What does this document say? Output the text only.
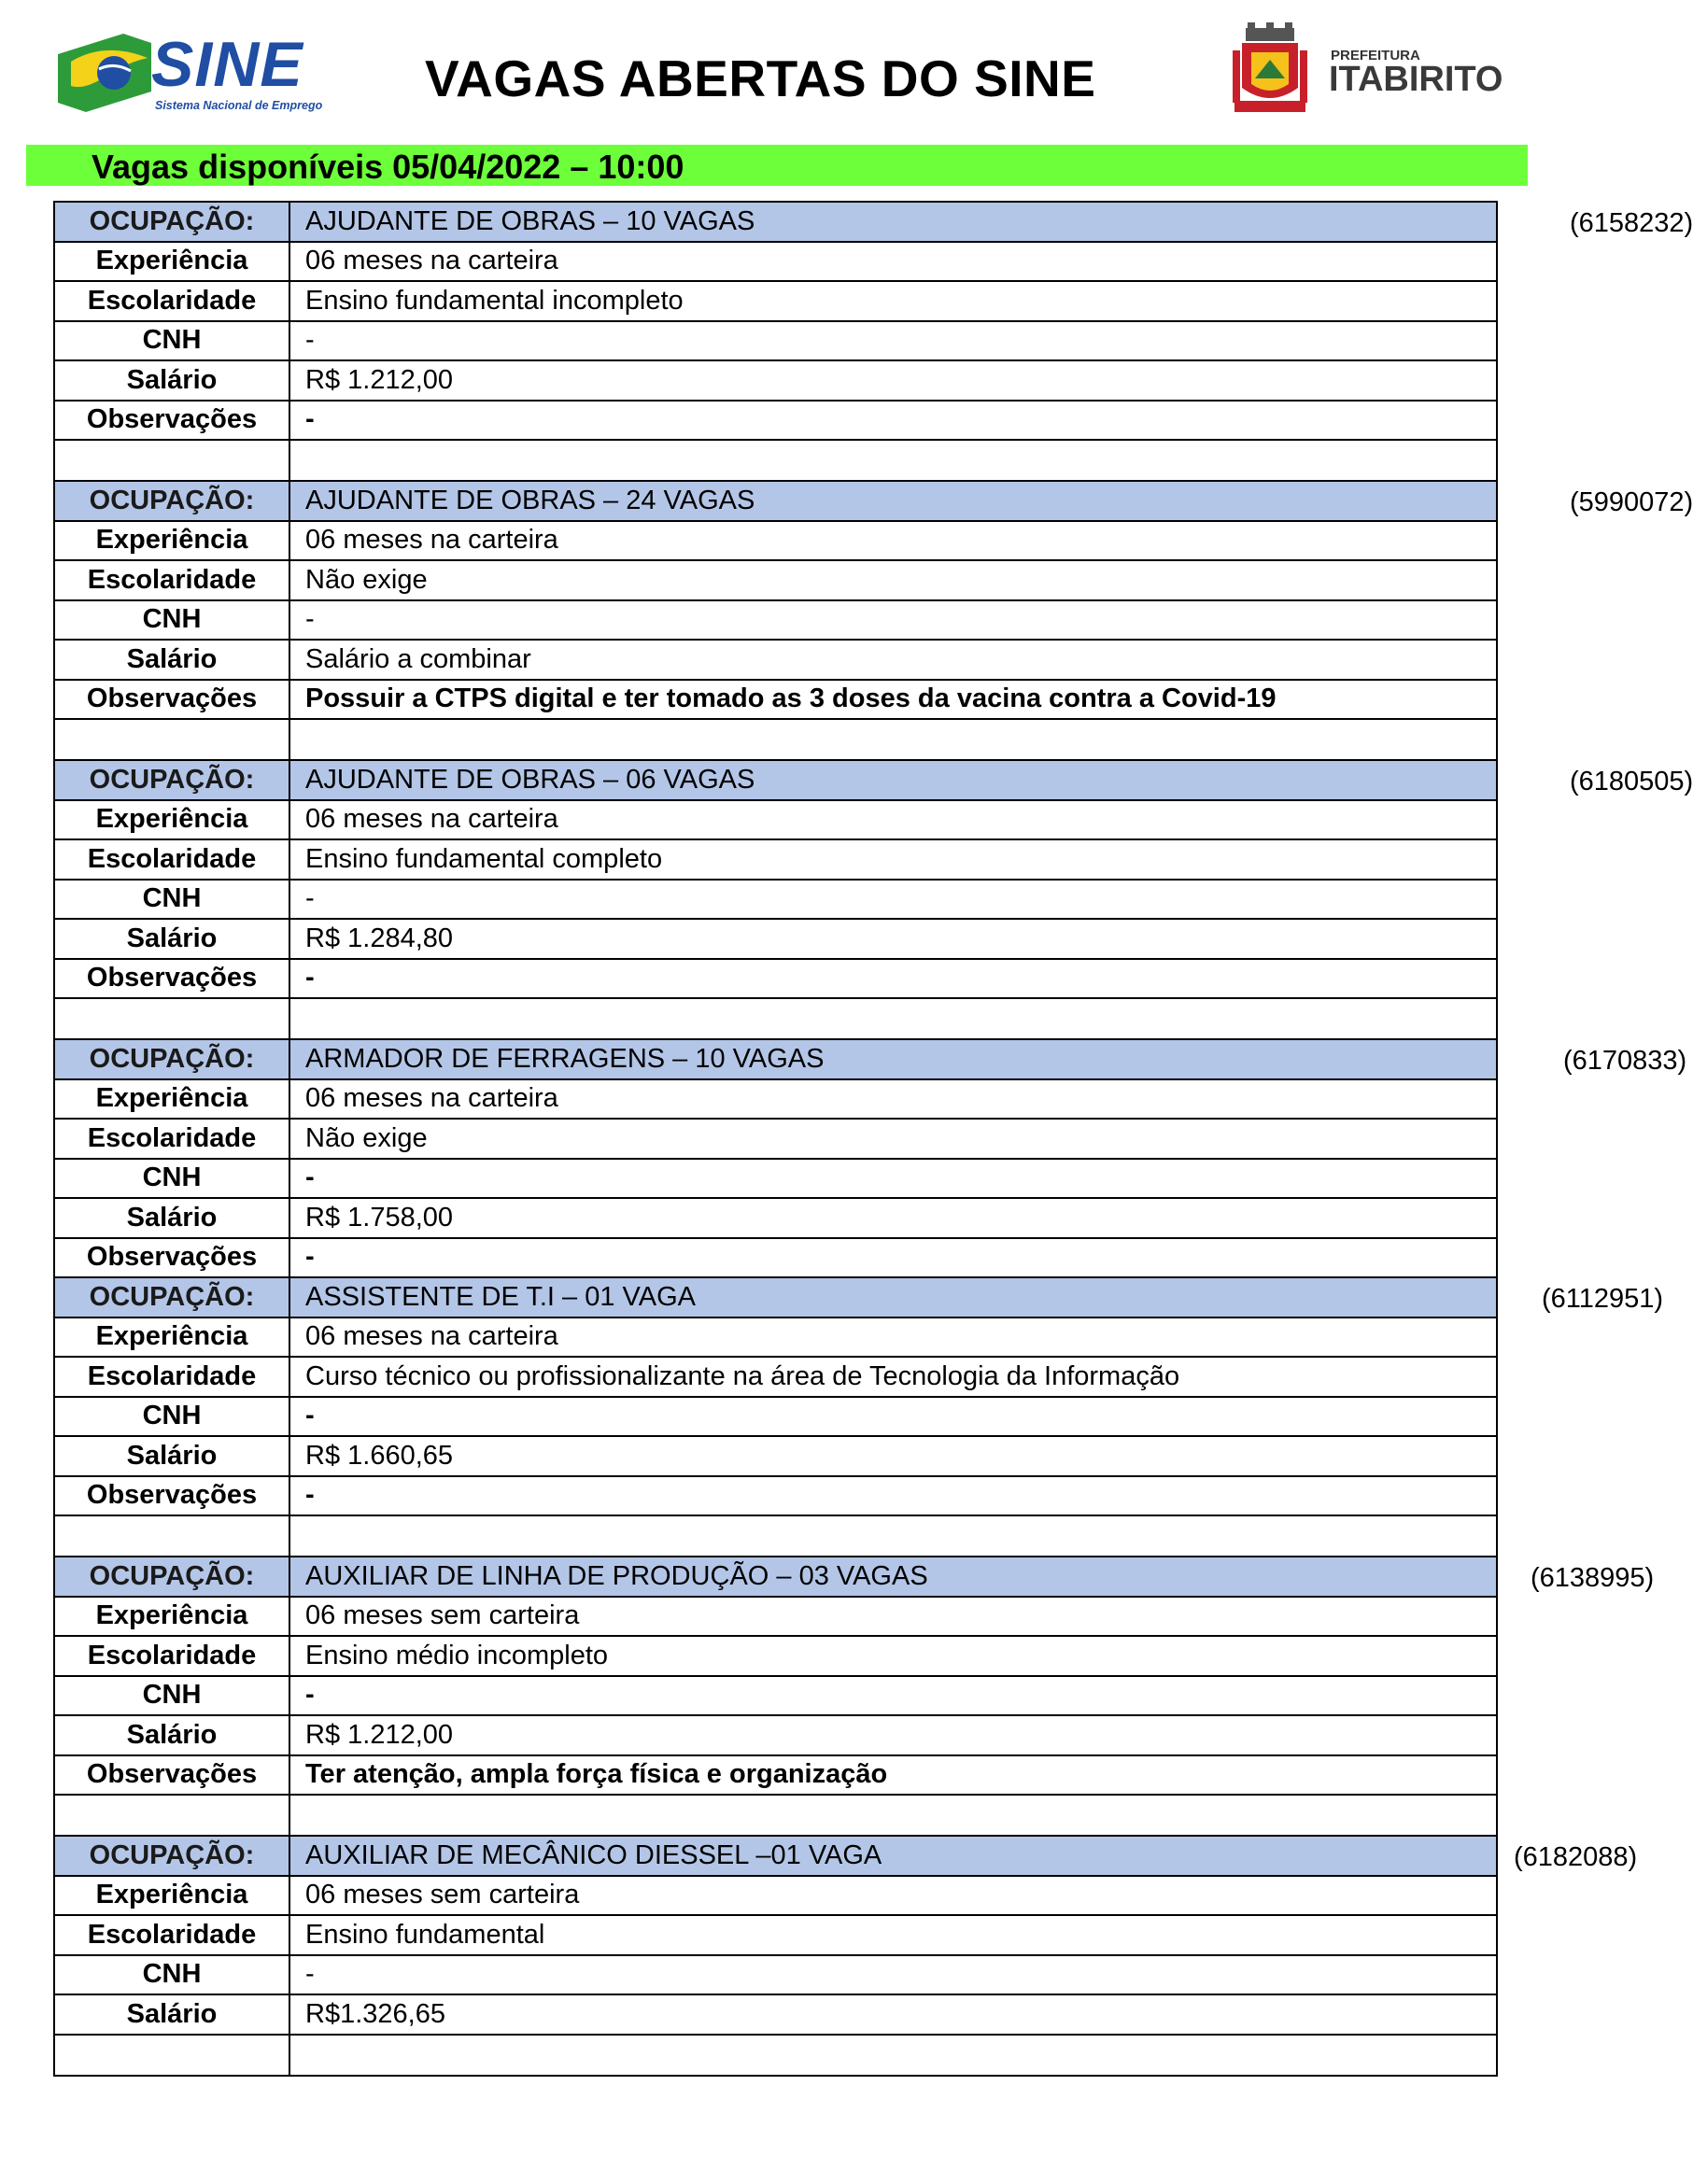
SINE
Sistema Nacional de Emprego VAGAS ABERTAS DO SINE	PREFEITURA
ITABIRITO
Vagas disponíveis 05/04/2022 – 10:00
OCUPAÇÃO:	AJUDANTE DE OBRAS – 10 VAGAS (6158232)

Experiência	06 meses na carteira
Escolaridade	Ensino fundamental incompleto
CNH	-
Salário	R$ 1.212,00
Observações	-

OCUPAÇÃO:	AJUDANTE DE OBRAS – 24 VAGAS (5990072)

Experiência	06 meses na carteira
Escolaridade	Não exige
CNH	-
Salário	Salário a combinar
Observações	Possuir a CTPS digital e ter tomado as 3 doses da vacina contra a Covid-19

OCUPAÇÃO:	AJUDANTE DE OBRAS – 06 VAGAS (6180505)

Experiência	06 meses na carteira
Escolaridade	Ensino fundamental completo
CNH	-
Salário	R$ 1.284,80
Observações	-

OCUPAÇÃO:	ARMADOR DE FERRAGENS – 10 VAGAS (6170833)

Experiência	06 meses na carteira
Escolaridade	Não exige
CNH	-
Salário	R$ 1.758,00
Observações	-
OCUPAÇÃO:	ASSISTENTE DE T.I – 01 VAGA (6112951)

Experiência	06 meses na carteira
Escolaridade	Curso técnico ou profissionalizante na área de Tecnologia da Informação
CNH	-
Salário	R$ 1.660,65
Observações	-

OCUPAÇÃO:	AUXILIAR DE LINHA DE PRODUÇÃO – 03 VAGAS (6138995)

Experiência	06 meses sem carteira
Escolaridade	Ensino médio incompleto
CNH	-
Salário	R$ 1.212,00
Observações	Ter atenção, ampla força física e organização

OCUPAÇÃO:	AUXILIAR DE MECÂNICO DIESSEL –01 VAGA (6182088)

Experiência	06 meses sem carteira
Escolaridade	Ensino fundamental
CNH	-
Salário	R$1.326,65
